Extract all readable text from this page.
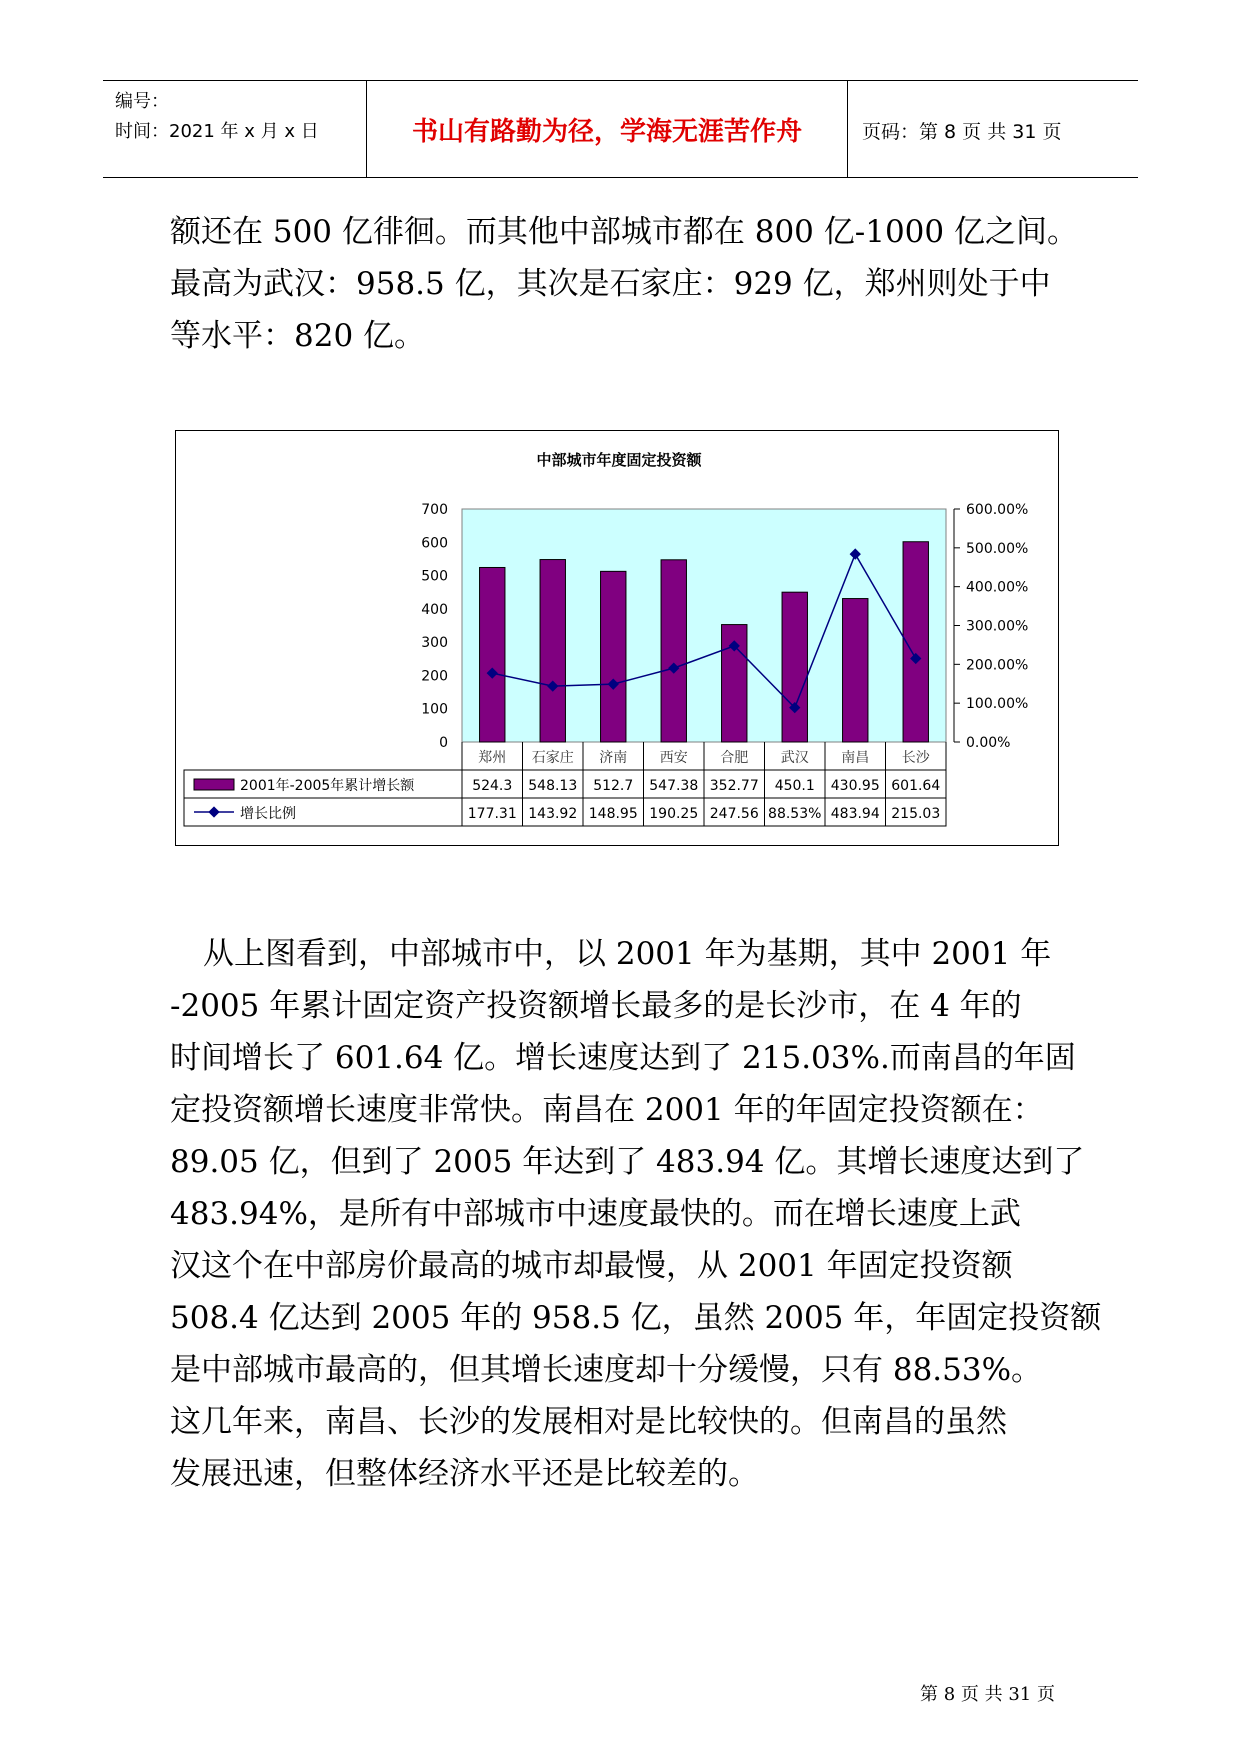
编号：
时间：2021 年 x 月 x 日	书山有路勤为径，学海无涯苦作舟	页码：第 8 页 共 31 页

额还在 500 亿徘徊。而其他中部城市都在 800 亿-1000 亿之间。

最高为武汉：958.5 亿，其次是石家庄：929 亿，郑州则处于中

等水平：820 亿。

中部城市年度固定投资额
0
100
200
300
400
500
600
700
0.00%
100.00%
200.00%
300.00%
400.00%
500.00%
600.00%
郑州 石家庄 济南 西安 合肥 武汉 南昌 长沙
2001年-2005年累计增长额
增长比例
524.3 548.13 512.7 547.38 352.77 450.1 430.95 601.64
177.31 143.92 148.95 190.25 247.56 88.53% 483.94 215.03

从上图看到，中部城市中，以 2001 年为基期，其中 2001 年

-2005 年累计固定资产投资额增长最多的是长沙市，在 4 年的

时间增长了 601.64 亿。增长速度达到了 215.03%.而南昌的年固

定投资额增长速度非常快。南昌在 2001 年的年固定投资额在：

89.05 亿，但到了 2005 年达到了 483.94 亿。其增长速度达到了

483.94%，是所有中部城市中速度最快的。而在增长速度上武

汉这个在中部房价最高的城市却最慢，从 2001 年固定投资额

508.4 亿达到 2005 年的 958.5 亿，虽然 2005 年，年固定投资额

是中部城市最高的，但其增长速度却十分缓慢，只有 88.53%。

这几年来，南昌、长沙的发展相对是比较快的。但南昌的虽然

发展迅速，但整体经济水平还是比较差的。

第 8 页 共 31 页
